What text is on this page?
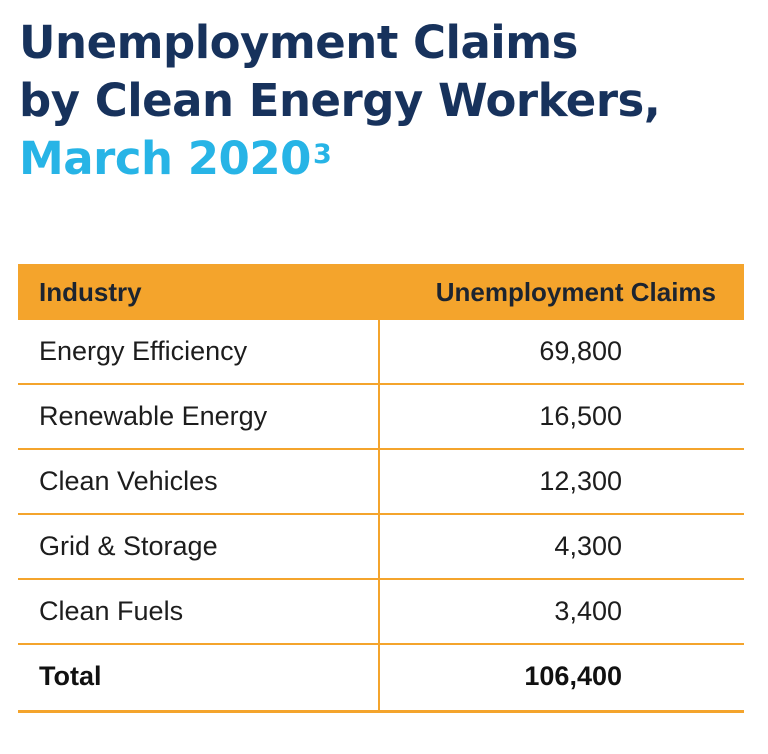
Unemployment Claims
by Clean Energy Workers,
March 2020$^3$
Industry	Unemployment Claims
Energy Efficiency	69,800
Renewable Energy	16,500
Clean Vehicles	12,300
Grid & Storage	4,300
Clean Fuels	3,400
Total	106,400
